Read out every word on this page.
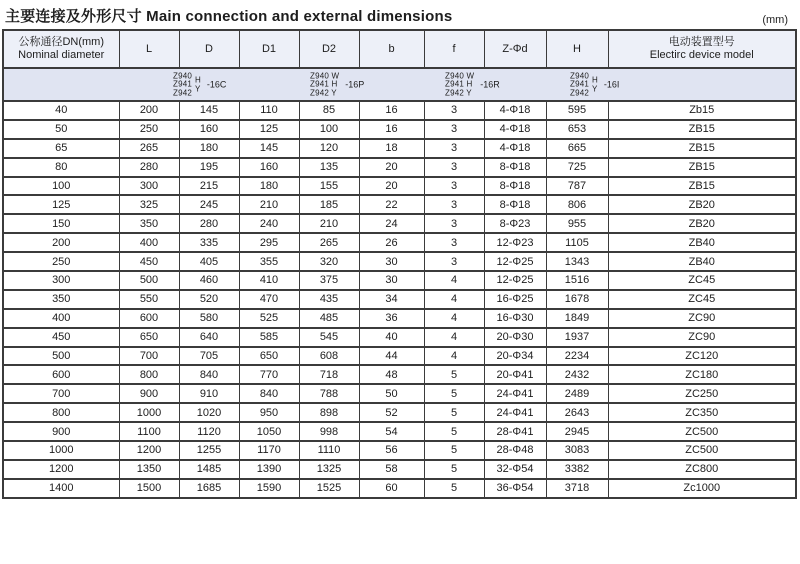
主要连接及外形尺寸 Main connection and external dimensions	(mm)
公称通径DN(mm)
Nominal diameter	L	D	D1	D2	b	f	Z-Φd	H	电动装置型号
Electirc device model

Z940
Z941
Z942
H
Y -16C
Z940 W
Z941 H
Z942 Y
-16P
Z940 W
Z941 H
Z942 Y
-16R
Z940
Z941
Z942
H
Y -16I

40	200	145	110	85	16	3	4-Φ18	595	Zb15
50	250	160	125	100	16	3	4-Φ18	653	ZB15
65	265	180	145	120	18	3	4-Φ18	665	ZB15
80	280	195	160	135	20	3	8-Φ18	725	ZB15
100	300	215	180	155	20	3	8-Φ18	787	ZB15
125	325	245	210	185	22	3	8-Φ18	806	ZB20
150	350	280	240	210	24	3	8-Φ23	955	ZB20
200	400	335	295	265	26	3	12-Φ23	1105	ZB40
250	450	405	355	320	30	3	12-Φ25	1343	ZB40
300	500	460	410	375	30	4	12-Φ25	1516	ZC45
350	550	520	470	435	34	4	16-Φ25	1678	ZC45
400	600	580	525	485	36	4	16-Φ30	1849	ZC90
450	650	640	585	545	40	4	20-Φ30	1937	ZC90
500	700	705	650	608	44	4	20-Φ34	2234	ZC120
600	800	840	770	718	48	5	20-Φ41	2432	ZC180
700	900	910	840	788	50	5	24-Φ41	2489	ZC250
800	1000	1020	950	898	52	5	24-Φ41	2643	ZC350
900	1100	1120	1050	998	54	5	28-Φ41	2945	ZC500
1000	1200	1255	1170	1110	56	5	28-Φ48	3083	ZC500
1200	1350	1485	1390	1325	58	5	32-Φ54	3382	ZC800
1400	1500	1685	1590	1525	60	5	36-Φ54	3718	Zc1000
